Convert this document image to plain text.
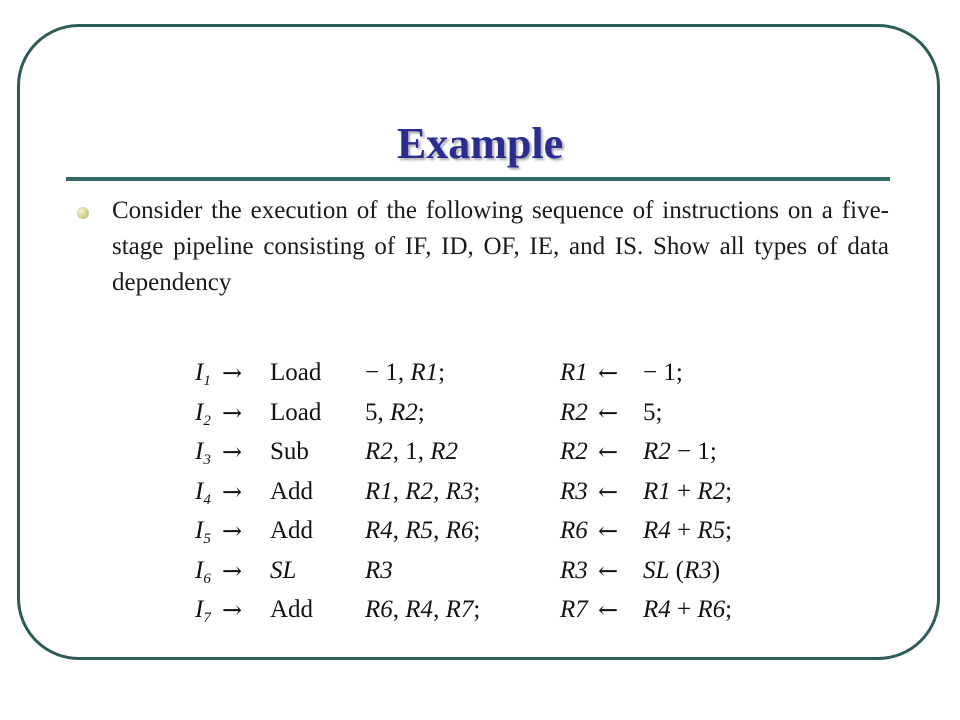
Example

Consider the execution of the following sequence of instructions on a five-stage pipeline consisting of IF, ID, OF, IE, and IS. Show all types of data dependency

$I_1$ → Load − 1, R1;	R1 ← − 1;
$I_2$ → Load 5, R2;	R2 ← 5;
$I_3$ → Sub R2, 1, R2	R2 ← R2 − 1;
$I_4$ → Add R1, R2, R3;	R3 ← R1 + R2;
$I_5$ → Add R4, R5, R6;	R6 ← R4 + R5;
$I_6$ → SL	R3	R3 ← SL (R3)
$I_7$ → Add R6, R4, R7;	R7 ← R4 + R6;
